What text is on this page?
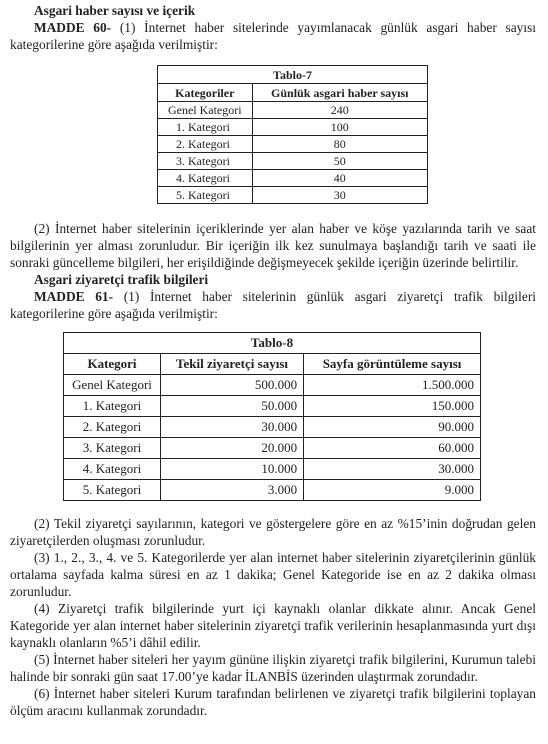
Asgari haber sayısı ve içerik

MADDE 60- (1) İnternet haber sitelerinde yayımlanacak günlük asgari haber sayısı kategorilerine göre aşağıda verilmiştir:

Tablo-7	
Kategoriler	Günlük asgari haber sayısı
Genel Kategori	240
1. Kategori	100
2. Kategori	80
3. Kategori	50
4. Kategori	40
5. Kategori	30

(2) İnternet haber sitelerinin içeriklerinde yer alan haber ve köşe yazılarında tarih ve saat bilgilerinin yer alması zorunludur. Bir içeriğin ilk kez sunulmaya başlandığı tarih ve saati ile sonraki güncelleme bilgileri, her erişildiğinde değişmeyecek şekilde içeriğin üzerinde belirtilir.

Asgari ziyaretçi trafik bilgileri

MADDE 61- (1) İnternet haber sitelerinin günlük asgari ziyaretçi trafik bilgileri kategorilerine göre aşağıda verilmiştir:

Tablo-8		
Kategori	Tekil ziyaretçi sayısı	Sayfa görüntüleme sayısı
Genel Kategori	500.000	1.500.000
1. Kategori	50.000	150.000
2. Kategori	30.000	90.000
3. Kategori	20.000	60.000
4. Kategori	10.000	30.000
5. Kategori	3.000	9.000

(2) Tekil ziyaretçi sayılarının, kategori ve göstergelere göre en az %15’inin doğrudan gelen ziyaretçilerden oluşması zorunludur.

(3) 1., 2., 3., 4. ve 5. Kategorilerde yer alan internet haber sitelerinin ziyaretçilerinin günlük ortalama sayfada kalma süresi en az 1 dakika; Genel Kategoride ise en az 2 dakika olması zorunludur.

(4) Ziyaretçi trafik bilgilerinde yurt içi kaynaklı olanlar dikkate alınır. Ancak Genel Kategoride yer alan internet haber sitelerinin ziyaretçi trafik verilerinin hesaplanmasında yurt dışı kaynaklı olanların %5’i dâhil edilir.

(5) İnternet haber siteleri her yayım gününe ilişkin ziyaretçi trafik bilgilerini, Kurumun talebi halinde bir sonraki gün saat 17.00’ye kadar İLANBİS üzerinden ulaştırmak zorundadır.

(6) İnternet haber siteleri Kurum tarafından belirlenen ve ziyaretçi trafik bilgilerini toplayan ölçüm aracını kullanmak zorundadır.
